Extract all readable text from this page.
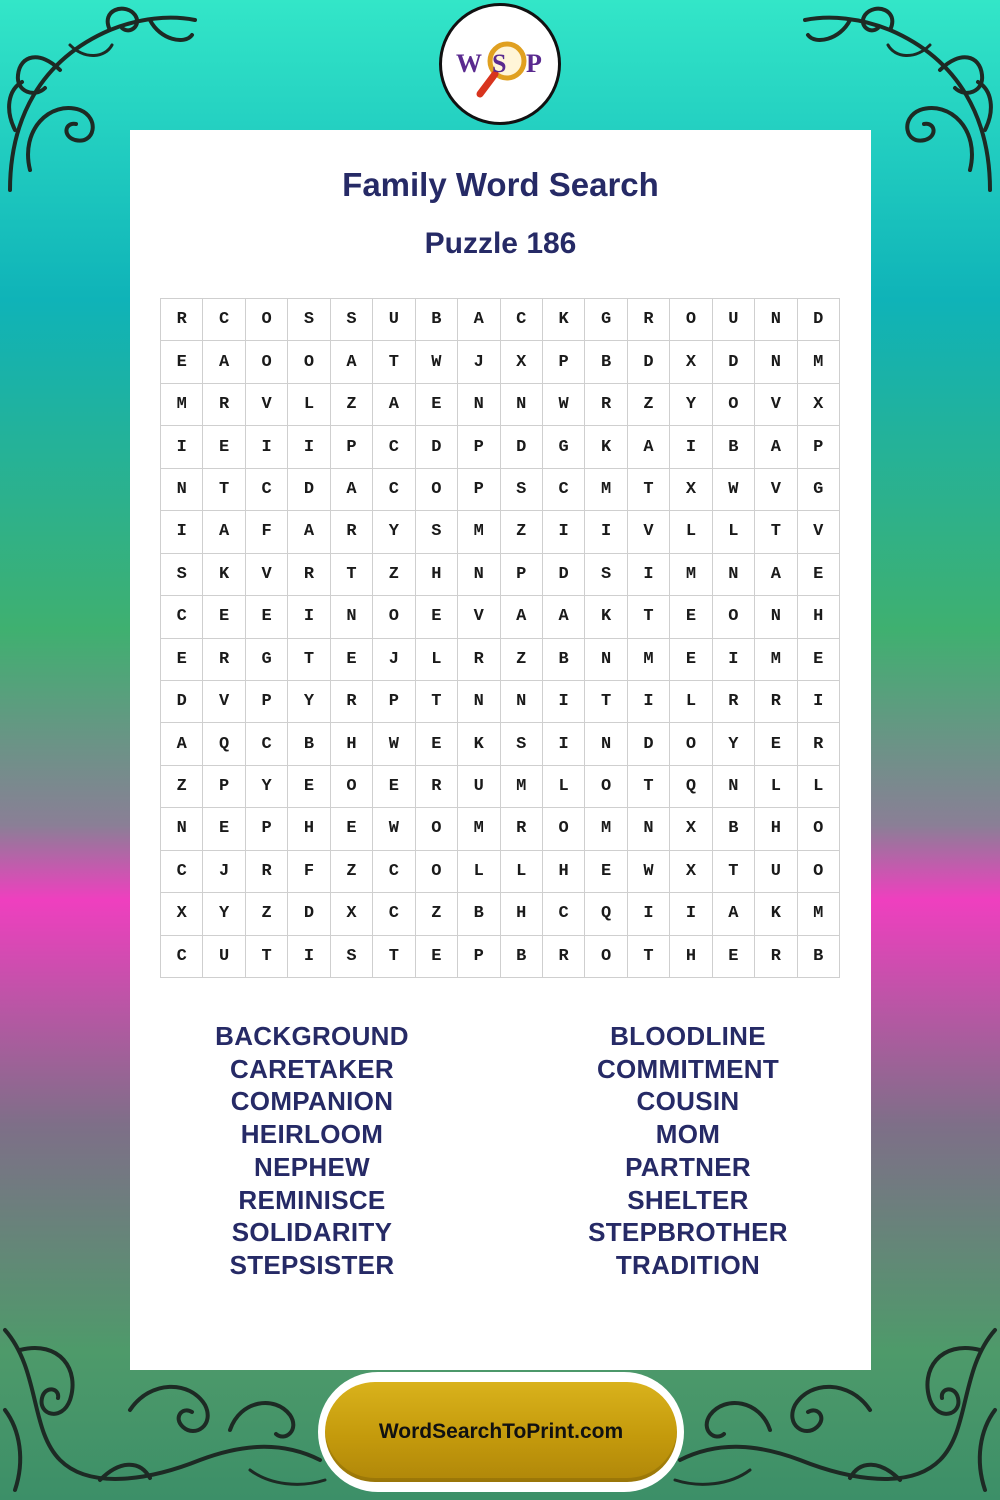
W S P
Family Word Search
Puzzle 186
R	C	O	S	S	U	B	A	C	K	G	R	O	U	N	D
E	A	O	O	A	T	W	J	X	P	B	D	X	D	N	M
M	R	V	L	Z	A	E	N	N	W	R	Z	Y	O	V	X
I	E	I	I	P	C	D	P	D	G	K	A	I	B	A	P
N	T	C	D	A	C	O	P	S	C	M	T	X	W	V	G
I	A	F	A	R	Y	S	M	Z	I	I	V	L	L	T	V
S	K	V	R	T	Z	H	N	P	D	S	I	M	N	A	E
C	E	E	I	N	O	E	V	A	A	K	T	E	O	N	H
E	R	G	T	E	J	L	R	Z	B	N	M	E	I	M	E
D	V	P	Y	R	P	T	N	N	I	T	I	L	R	R	I
A	Q	C	B	H	W	E	K	S	I	N	D	O	Y	E	R
Z	P	Y	E	O	E	R	U	M	L	O	T	Q	N	L	L
N	E	P	H	E	W	O	M	R	O	M	N	X	B	H	O
C	J	R	F	Z	C	O	L	L	H	E	W	X	T	U	O
X	Y	Z	D	X	C	Z	B	H	C	Q	I	I	A	K	M
C	U	T	I	S	T	E	P	B	R	O	T	H	E	R	B
BACKGROUND
CARETAKER
COMPANION
HEIRLOOM
NEPHEW
REMINISCE
SOLIDARITY
STEPSISTER
BLOODLINE
COMMITMENT
COUSIN
MOM
PARTNER
SHELTER
STEPBROTHER
TRADITION
WordSearchToPrint.com
